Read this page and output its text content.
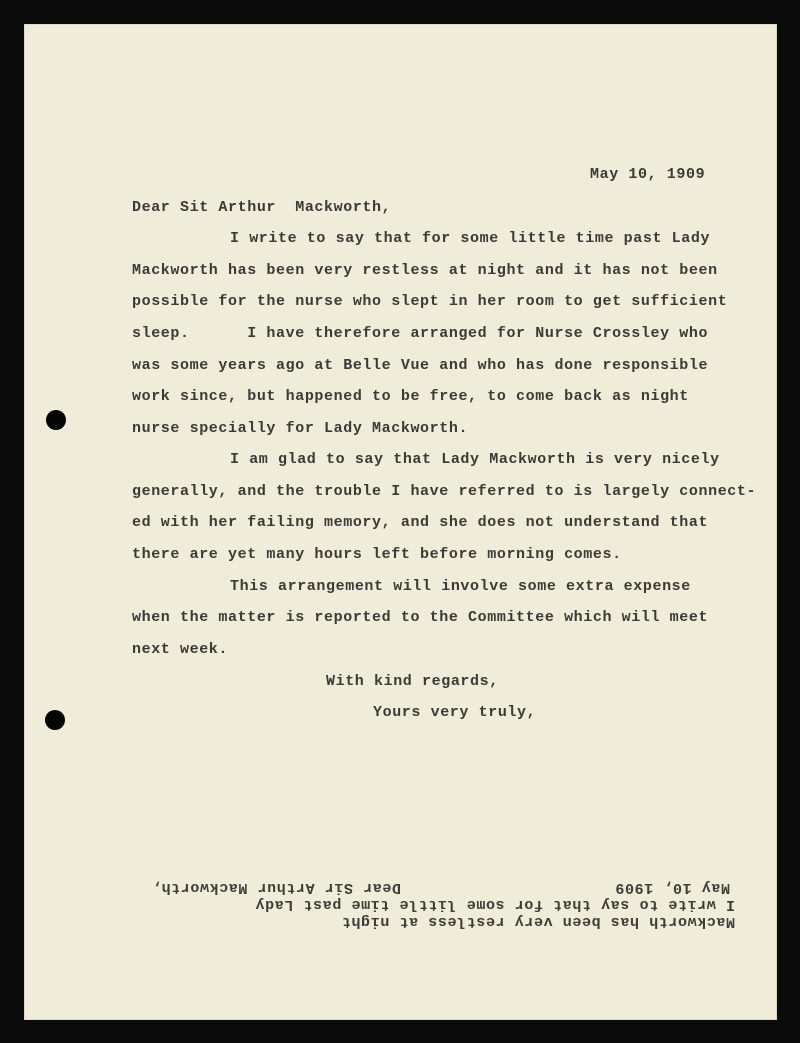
May 10, 1909
Dear Sit Arthur  Mackworth,
I write to say that for some little time past Lady
Mackworth has been very restless at night and it has not been
possible for the nurse who slept in her room to get sufficient
sleep.      I have therefore arranged for Nurse Crossley who
was some years ago at Belle Vue and who has done responsible
work since, but happened to be free, to come back as night
nurse specially for Lady Mackworth.
I am glad to say that Lady Mackworth is very nicely
generally, and the trouble I have referred to is largely connect-
ed with her failing memory, and she does not understand that
there are yet many hours left before morning comes.
This arrangement will involve some extra expense
when the matter is reported to the Committee which will meet
next week.
With kind regards,
Yours very truly,
May 10, 1909
Dear Sir Arthur Mackworth,
I write to say that for some little time past Lady
Mackworth has been very restless at night
